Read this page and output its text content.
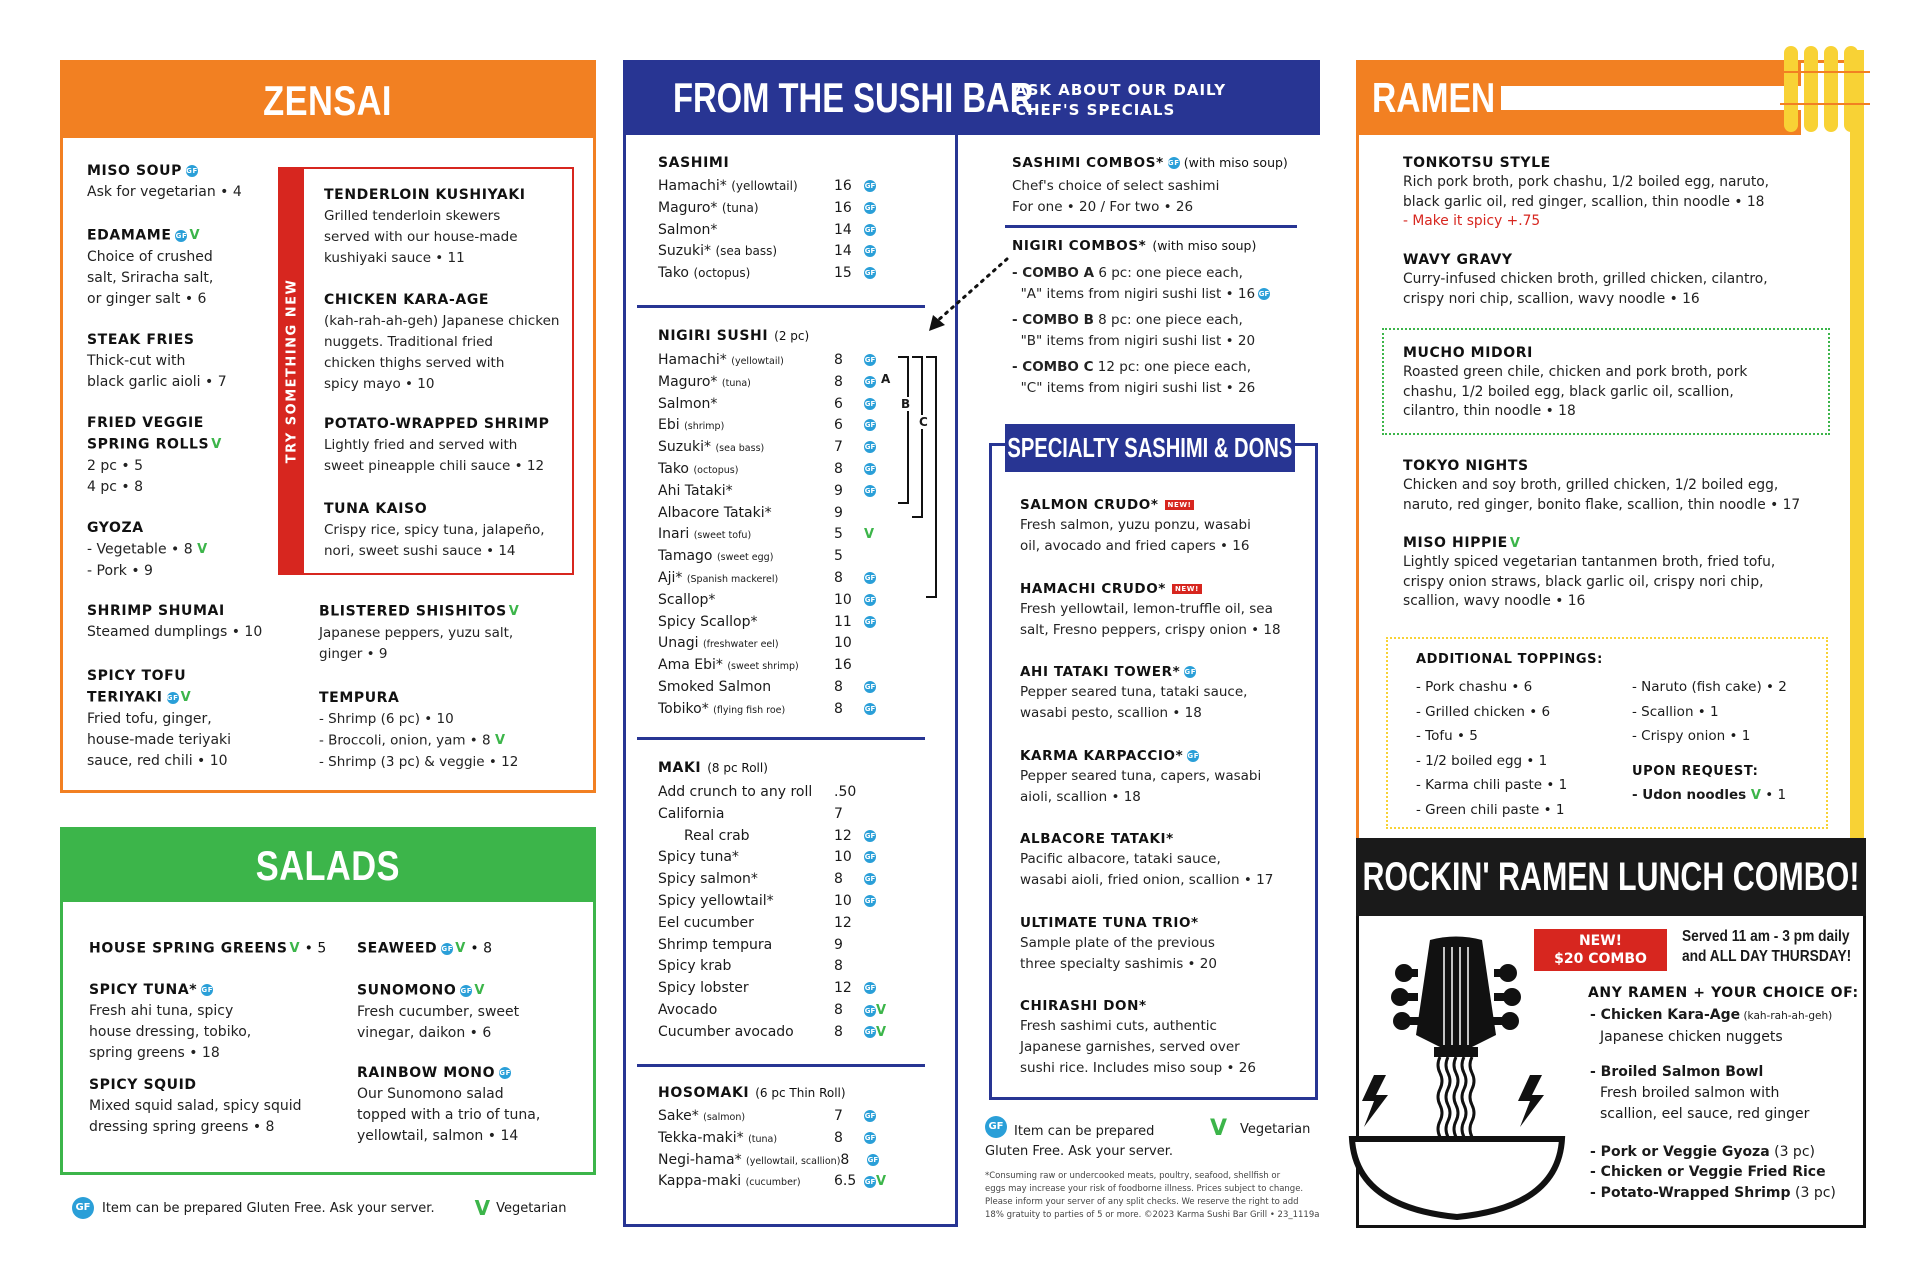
ZENSAI
MISO SOUP GF
Ask for vegetarian • 4
EDAMAME GF V
Choice of crushed
salt, Sriracha salt,
or ginger salt • 6
STEAK FRIES
Thick-cut with
black garlic aioli • 7
FRIED VEGGIE
SPRING ROLLS V
2 pc • 5
4 pc • 8
GYOZA
- Vegetable • 8 V
- Pork • 9
TRY SOMETHING NEW
TENDERLOIN KUSHIYAKI
Grilled tenderloin skewers
served with our house-made
kushiyaki sauce • 11
CHICKEN KARA-AGE
(kah-rah-ah-geh) Japanese chicken
nuggets. Traditional fried
chicken thighs served with
spicy mayo • 10
POTATO-WRAPPED SHRIMP
Lightly fried and served with
sweet pineapple chili sauce • 12
TUNA KAISO
Crispy rice, spicy tuna, jalapeño,
nori, sweet sushi sauce • 14
SHRIMP SHUMAI
Steamed dumplings • 10
SPICY TOFU
TERIYAKI GF V
Fried tofu, ginger,
house-made teriyaki
sauce, red chili • 10
BLISTERED SHISHITOS V
Japanese peppers, yuzu salt,
ginger • 9
TEMPURA
- Shrimp (6 pc) • 10
- Broccoli, onion, yam • 8 V
- Shrimp (3 pc) & veggie • 12
SALADS
HOUSE SPRING GREENS V • 5
SPICY TUNA* GF
Fresh ahi tuna, spicy
house dressing, tobiko,
spring greens • 18
SPICY SQUID
Mixed squid salad, spicy squid
dressing spring greens • 8
SEAWEED GF V • 8
SUNOMONO GF V
Fresh cucumber, sweet
vinegar, daikon • 6
RAINBOW MONO GF
Our Sunomono salad
topped with a trio of tuna,
yellowtail, salmon • 14
GF Item can be prepared Gluten Free. Ask your server. V Vegetarian
FROM THE SUSHI BAR
ASK ABOUT OUR DAILY
CHEF'S SPECIALS
SASHIMI
Hamachi* (yellowtail)	16	GF
Maguro* (tuna)	16	GF
Salmon*	14	GF
Suzuki* (sea bass)	14	GF
Tako (octopus)	15	GF
NIGIRI SUSHI (2 pc)
Hamachi* (yellowtail)	8	GF
Maguro* (tuna)	8	GF
Salmon*	6	GF
Ebi (shrimp)	6	GF
Suzuki* (sea bass)	7	GF
Tako (octopus)	8	GF
Ahi Tataki*	9	GF
Albacore Tataki*	9
Inari (sweet tofu)	5	V
Tamago (sweet egg)	5
Aji* (Spanish mackerel)	8	GF
Scallop*	10	GF
Spicy Scallop*	11	GF
Unagi (freshwater eel)	10
Ama Ebi* (sweet shrimp)	16
Smoked Salmon	8	GF
Tobiko* (flying fish roe)	8	GF
MAKI (8 pc Roll)
Add crunch to any roll	.50
California	7
Real crab	12	GF
Spicy tuna*	10	GF
Spicy salmon*	8	GF
Spicy yellowtail*	10	GF
Eel cucumber	12
Shrimp tempura	9
Spicy krab	8
Spicy lobster	12	GF
Avocado	8	GFV
Cucumber avocado	8	GFV
HOSOMAKI (6 pc Thin Roll)
Sake* (salmon)	7	GF
Tekka-maki* (tuna)	8	GF
Negi-hama* (yellowtail, scallion) 8	GF
Kappa-maki (cucumber)	6.5	GFV
A
B
C
SASHIMI COMBOS* GF (with miso soup)
Chef's choice of select sashimi
For one • 20 / For two • 26
NIGIRI COMBOS* (with miso soup)
- COMBO A 6 pc: one piece each,
"A" items from nigiri sushi list • 16 GF
- COMBO B 8 pc: one piece each,
"B" items from nigiri sushi list • 20
- COMBO C 12 pc: one piece each,
"C" items from nigiri sushi list • 26
SPECIALTY SASHIMI & DONS
SALMON CRUDO* NEW!
Fresh salmon, yuzu ponzu, wasabi
oil, avocado and fried capers • 16
HAMACHI CRUDO* NEW!
Fresh yellowtail, lemon-truffle oil, sea
salt, Fresno peppers, crispy onion • 18
AHI TATAKI TOWER* GF
Pepper seared tuna, tataki sauce,
wasabi pesto, scallion • 18
KARMA KARPACCIO* GF
Pepper seared tuna, capers, wasabi
aioli, scallion • 18
ALBACORE TATAKI*
Pacific albacore, tataki sauce,
wasabi aioli, fried onion, scallion • 17
ULTIMATE TUNA TRIO*
Sample plate of the previous
three specialty sashimis • 20
CHIRASHI DON*
Fresh sashimi cuts, authentic
Japanese garnishes, served over
sushi rice. Includes miso soup • 26
GF Item can be prepared
Gluten Free. Ask your server.
V Vegetarian
*Consuming raw or undercooked meats, poultry, seafood, shellfish or
eggs may increase your risk of foodborne illness. Prices subject to change.
Please inform your server of any split checks. We reserve the right to add
18% gratuity to parties of 5 or more. ©2023 Karma Sushi Bar Grill • 23_1119a
RAMEN
TONKOTSU STYLE
Rich pork broth, pork chashu, 1/2 boiled egg, naruto,
black garlic oil, red ginger, scallion, thin noodle • 18
- Make it spicy +.75
WAVY GRAVY
Curry-infused chicken broth, grilled chicken, cilantro,
crispy nori chip, scallion, wavy noodle • 16
MUCHO MIDORI
Roasted green chile, chicken and pork broth, pork
chashu, 1/2 boiled egg, black garlic oil, scallion,
cilantro, thin noodle • 18
TOKYO NIGHTS
Chicken and soy broth, grilled chicken, 1/2 boiled egg,
naruto, red ginger, bonito flake, scallion, thin noodle • 17
MISO HIPPIE V
Lightly spiced vegetarian tantanmen broth, fried tofu,
crispy onion straws, black garlic oil, crispy nori chip,
scallion, wavy noodle • 16
ADDITIONAL TOPPINGS:
- Pork chashu • 6
- Grilled chicken • 6
- Tofu • 5
- 1/2 boiled egg • 1
- Karma chili paste • 1
- Green chili paste • 1
- Naruto (fish cake) • 2
- Scallion • 1
- Crispy onion • 1
UPON REQUEST:
- Udon noodles V • 1
ROCKIN' RAMEN LUNCH COMBO!
NEW!
$20 COMBO
Served 11 am - 3 pm daily
and ALL DAY THURSDAY!
ANY RAMEN + YOUR CHOICE OF:
- Chicken Kara-Age (kah-rah-ah-geh)
Japanese chicken nuggets
- Broiled Salmon Bowl
Fresh broiled salmon with
scallion, eel sauce, red ginger
- Pork or Veggie Gyoza (3 pc)
- Chicken or Veggie Fried Rice
- Potato-Wrapped Shrimp (3 pc)
